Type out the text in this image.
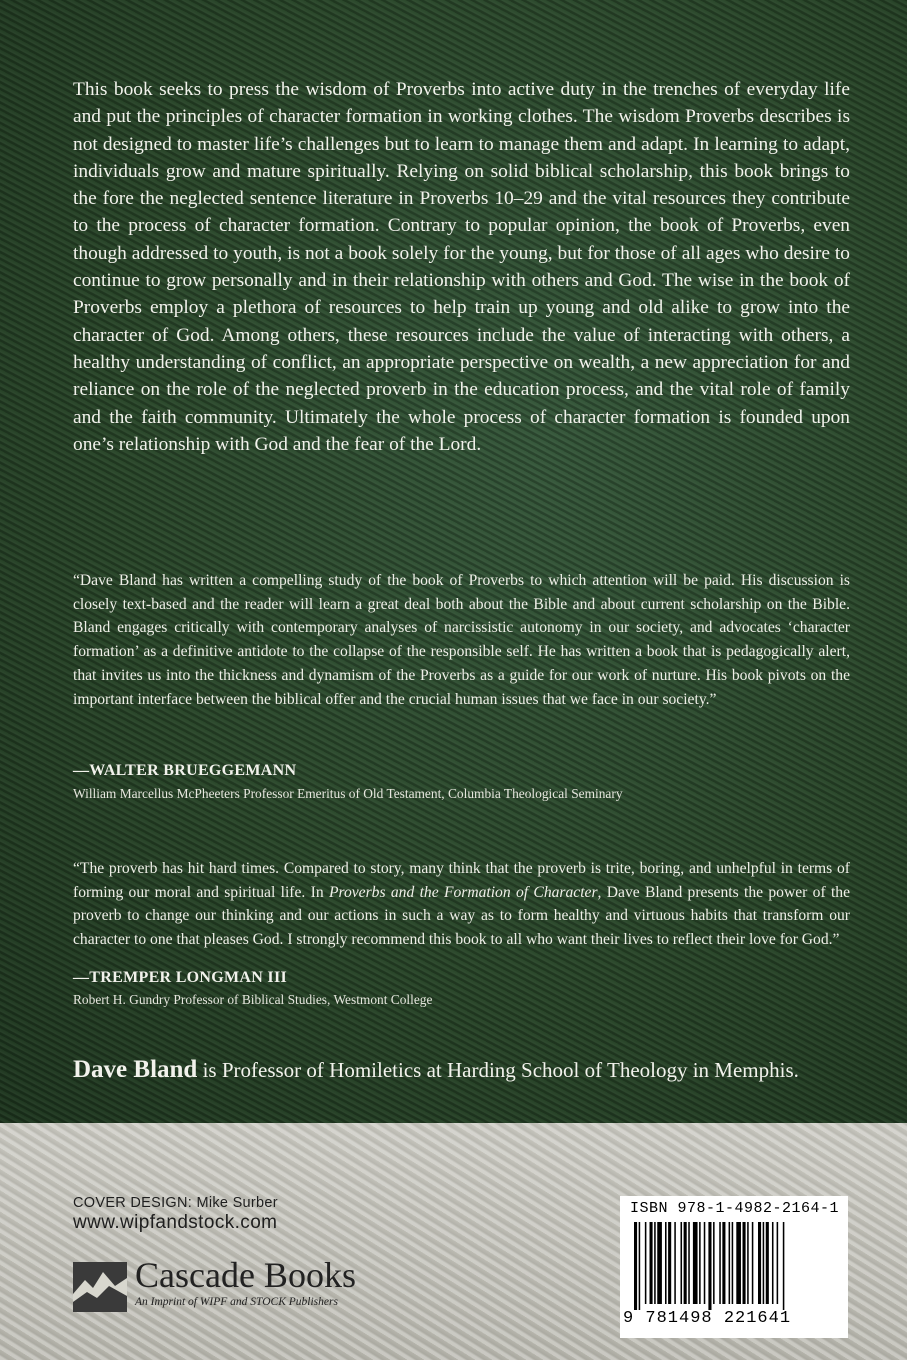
This book seeks to press the wisdom of Proverbs into active duty in the trenches of everyday life and put the principles of character formation in working clothes. The wisdom Proverbs describes is not designed to master life’s challenges but to learn to manage them and adapt. In learning to adapt, individuals grow and mature spiritually. Relying on solid biblical scholarship, this book brings to the fore the neglected sentence literature in Proverbs 10–29 and the vital resources they contribute to the process of character formation. Contrary to popular opinion, the book of Proverbs, even though addressed to youth, is not a book solely for the young, but for those of all ages who desire to continue to grow personally and in their relationship with others and God. The wise in the book of Proverbs employ a plethora of resources to help train up young and old alike to grow into the character of God. Among others, these resources include the value of interacting with others, a healthy understanding of conflict, an appropriate perspective on wealth, a new appreciation for and reliance on the role of the neglected proverb in the education process, and the vital role of family and the faith community. Ultimately the whole process of character formation is founded upon one’s relationship with God and the fear of the Lord.

“Dave Bland has written a compelling study of the book of Proverbs to which attention will be paid. His discussion is closely text-based and the reader will learn a great deal both about the Bible and about current scholarship on the Bible. Bland engages critically with contemporary analyses of narcissistic autonomy in our society, and advocates ‘character formation’ as a definitive antidote to the collapse of the responsible self. He has written a book that is pedagogically alert, that invites us into the thickness and dynamism of the Proverbs as a guide for our work of nurture. His book pivots on the important interface between the biblical offer and the crucial human issues that we face in our society.”

—WALTER BRUEGGEMANN

William Marcellus McPheeters Professor Emeritus of Old Testament, Columbia Theological Seminary

“The proverb has hit hard times. Compared to story, many think that the proverb is trite, boring, and unhelpful in terms of forming our moral and spiritual life. In Proverbs and the Formation of Character, Dave Bland presents the power of the proverb to change our thinking and our actions in such a way as to form healthy and virtuous habits that transform our character to one that pleases God. I strongly recommend this book to all who want their lives to reflect their love for God.”

—TREMPER LONGMAN III

Robert H. Gundry Professor of Biblical Studies, Westmont College

Dave Bland is Professor of Homiletics at Harding School of Theology in Memphis.

COVER DESIGN: Mike Surber

www.wipfandstock.com

Cascade Books

An Imprint of WIPF and STOCK Publishers

ISBN 978-1-4982-2164-1

9 781498 221641
